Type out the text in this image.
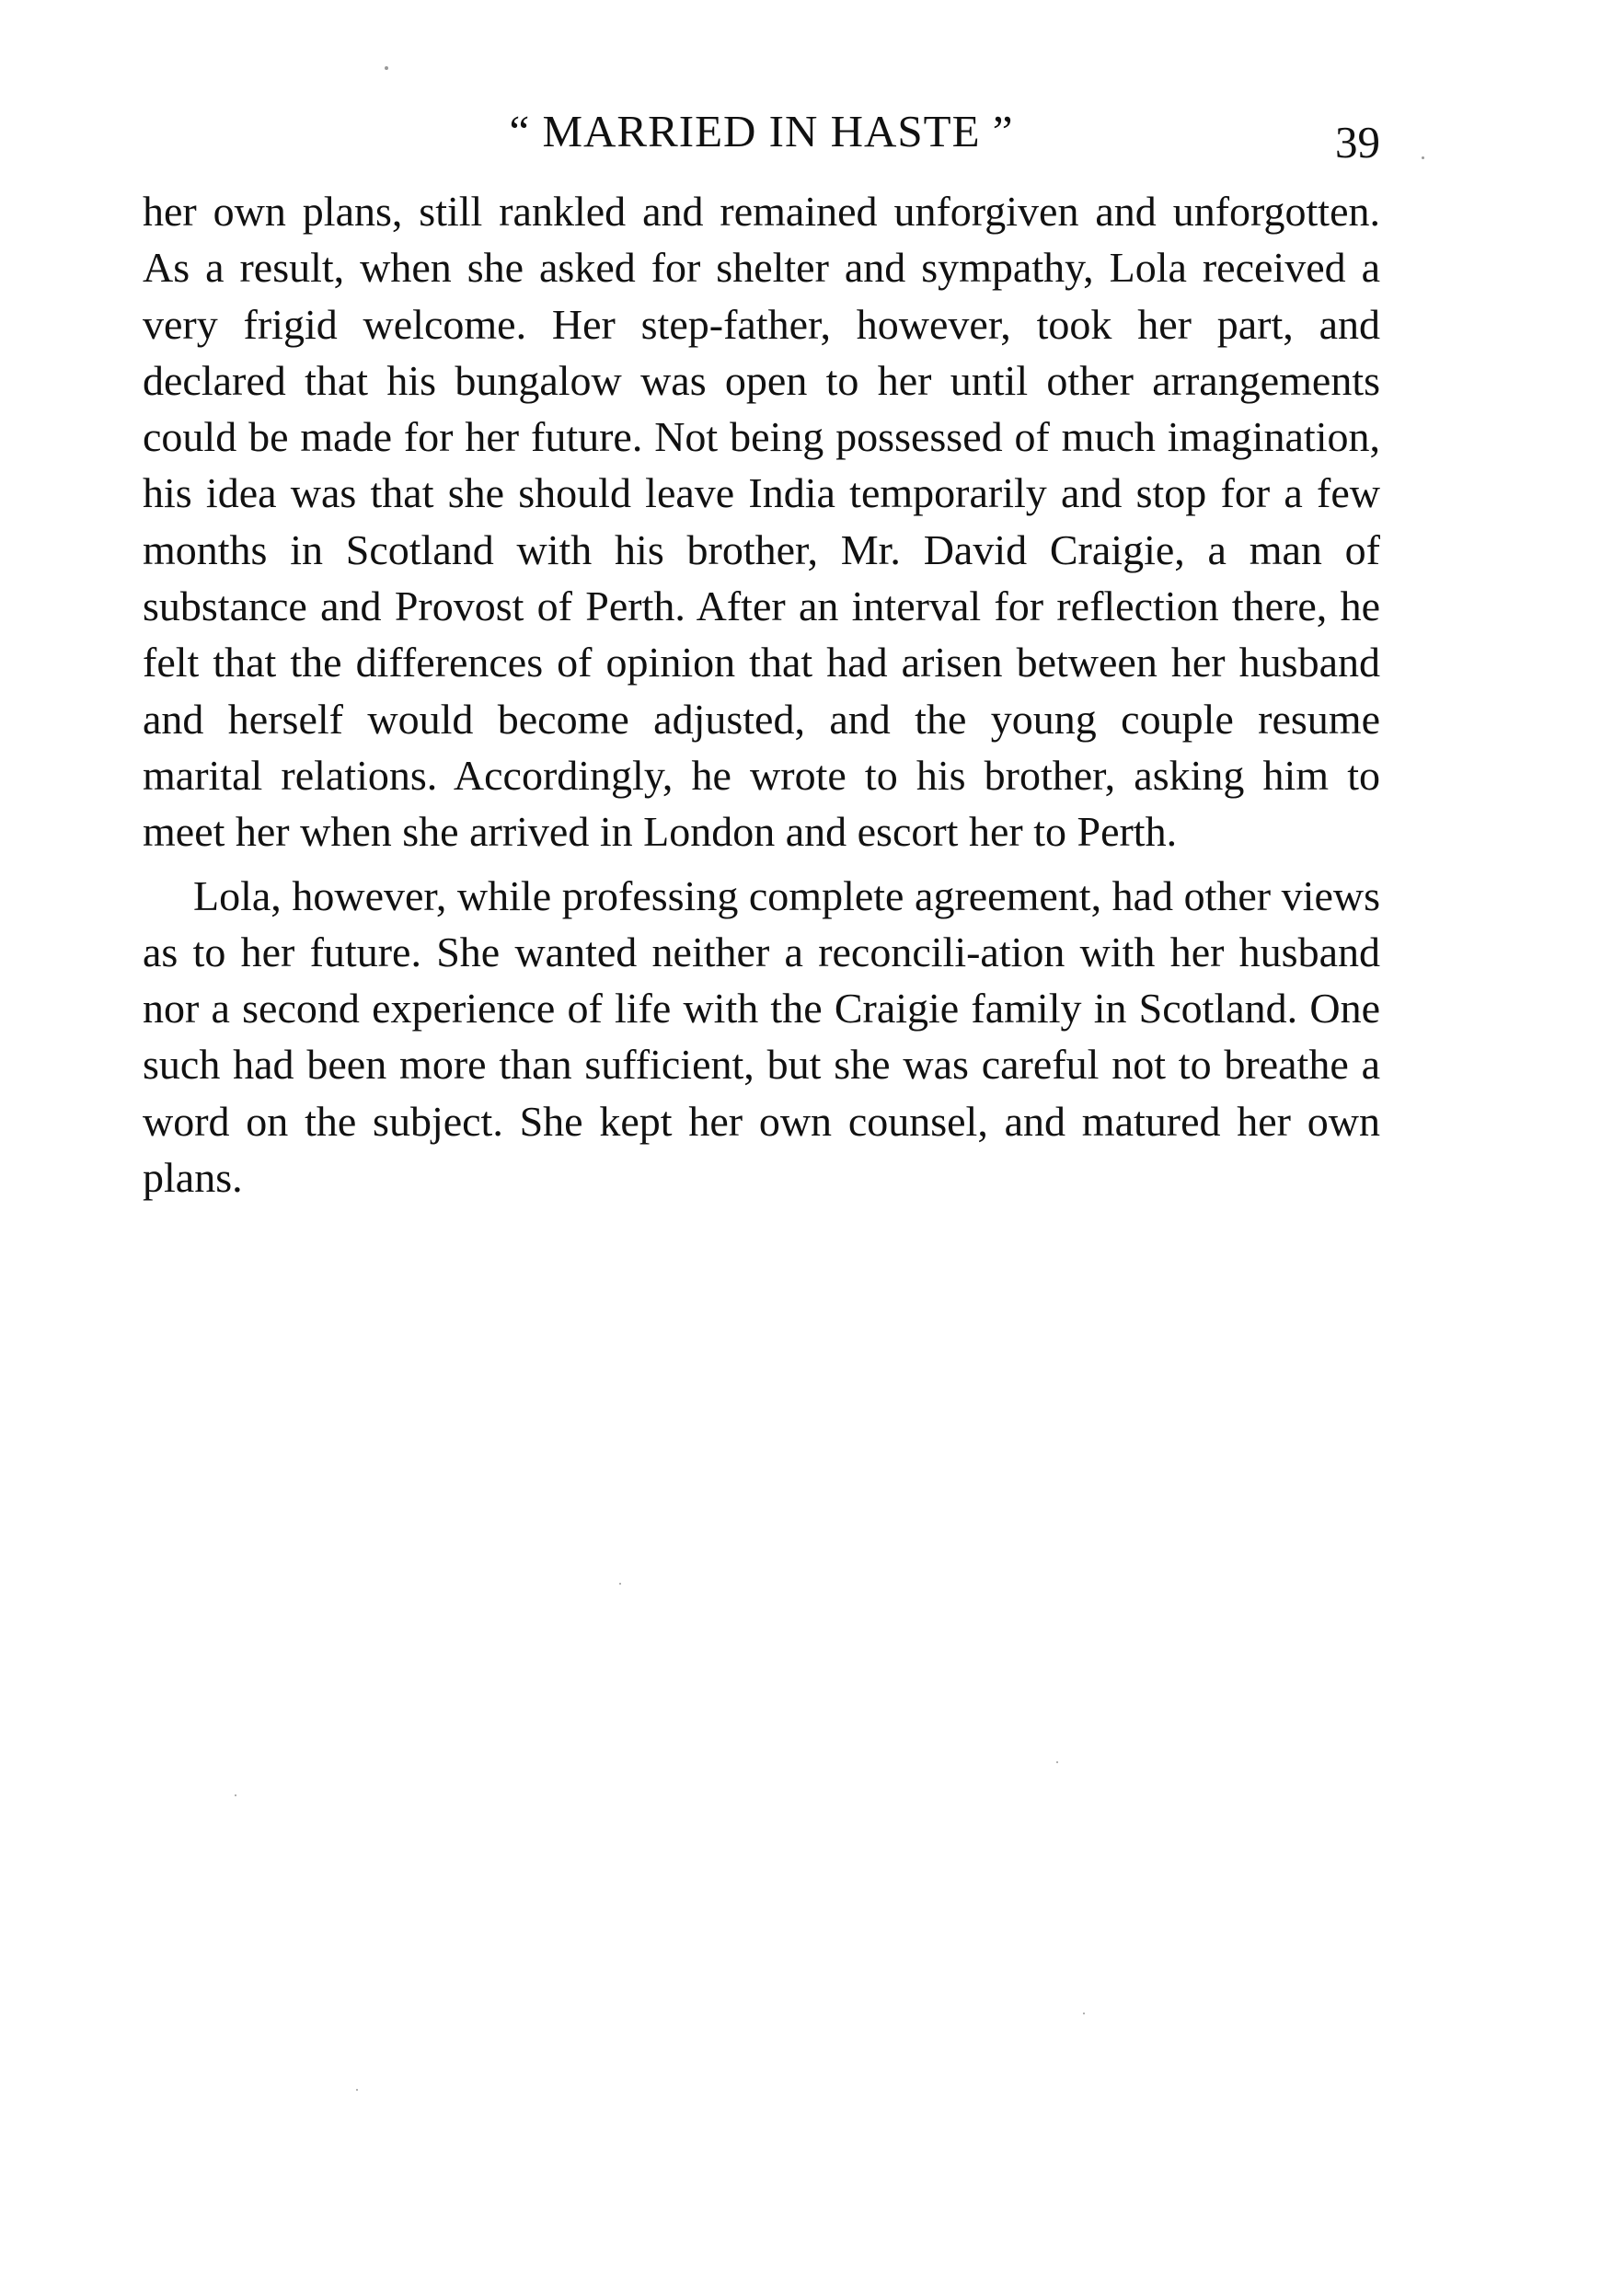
“ MARRIED IN HASTE ”	39

her own plans, still rankled and remained unforgiven and unforgotten. As a result, when she asked for shelter and sympathy, Lola received a very frigid welcome. Her step-father, however, took her part, and declared that his bungalow was open to her until other arrangements could be made for her future. Not being possessed of much imagination, his idea was that she should leave India temporarily and stop for a few months in Scotland with his brother, Mr. David Craigie, a man of substance and Provost of Perth. After an interval for reflection there, he felt that the differences of opinion that had arisen between her husband and herself would become adjusted, and the young couple resume marital relations. Accordingly, he wrote to his brother, asking him to meet her when she arrived in London and escort her to Perth.

Lola, however, while professing complete agreement, had other views as to her future. She wanted neither a reconcili-ation with her husband nor a second experience of life with the Craigie family in Scotland. One such had been more than sufficient, but she was careful not to breathe a word on the subject. She kept her own counsel, and matured her own plans.
